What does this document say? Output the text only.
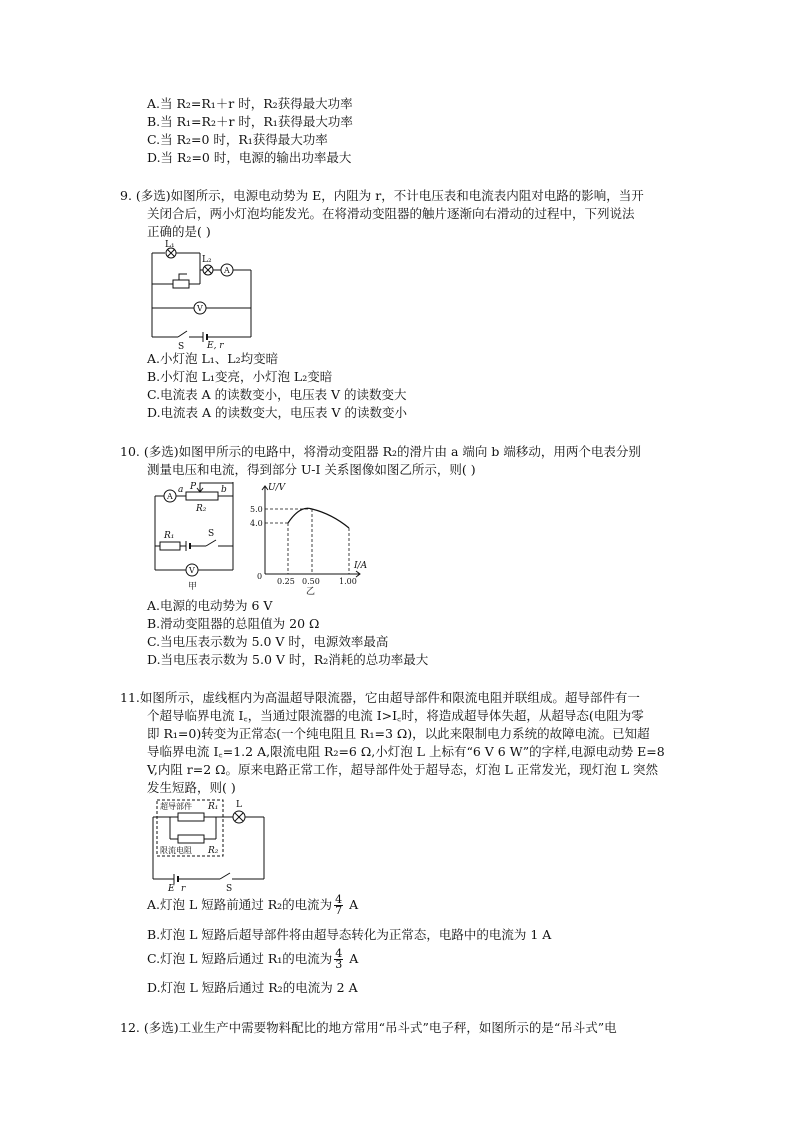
A.当 R₂=R₁＋r 时，R₂获得最大功率
B.当 R₁=R₂＋r 时，R₁获得最大功率
C.当 R₂=0 时，R₁获得最大功率
D.当 R₂=0 时，电源的输出功率最大
9. (多选)如图所示，电源电动势为 E，内阻为 r，不计电压表和电流表内阻对电路的影响，当开
关闭合后，两小灯泡均能发光。在将滑动变阻器的触片逐渐向右滑动的过程中，下列说法
正确的是( )
L₁
L₂
A
V
S	E, r
A.小灯泡 L₁、L₂均变暗
B.小灯泡 L₁变亮，小灯泡 L₂变暗
C.电流表 A 的读数变小，电压表 V 的读数变大
D.电流表 A 的读数变大，电压表 V 的读数变小
10. (多选)如图甲所示的电路中，将滑动变阻器 R₂的滑片由 a 端向 b 端移动，用两个电表分别
测量电压和电流，得到部分 U-I 关系图像如图乙所示，则( )
A
a P	b
R₂
R₁	S
V
甲
U/V
5.0
4.0
0
0.25 0.50 1.00
I/A
乙
A.电源的电动势为 6 V
B.滑动变阻器的总阻值为 20 Ω
C.当电压表示数为 5.0 V 时，电源效率最高
D.当电压表示数为 5.0 V 时，R₂消耗的总功率最大
11.如图所示，虚线框内为高温超导限流器，它由超导部件和限流电阻并联组成。超导部件有一
个超导临界电流 I꜀，当通过限流器的电流 I>I꜀时，将造成超导体失超，从超导态(电阻为零
即 R₁=0)转变为正常态(一个纯电阻且 R₁=3 Ω)，以此来限制电力系统的故障电流。已知超
导临界电流 I꜀=1.2 A,限流电阻 R₂=6 Ω,小灯泡 L 上标有“6 V 6 W”的字样,电源电动势 E=8
V,内阻 r=2 Ω。原来电路正常工作，超导部件处于超导态，灯泡 L 正常发光，现灯泡 L 突然
发生短路，则( )
超导部件 R₁ L
限流电阻 R₂
E r	S
A.灯泡 L 短路前通过 R₂的电流为 $\frac{4}{7}$ A
B.灯泡 L 短路后超导部件将由超导态转化为正常态，电路中的电流为 1 A
C.灯泡 L 短路后通过 R₁的电流为 $\frac{4}{3}$ A
D.灯泡 L 短路后通过 R₂的电流为 2 A
12. (多选)工业生产中需要物料配比的地方常用“吊斗式”电子秤，如图所示的是“吊斗式”电
